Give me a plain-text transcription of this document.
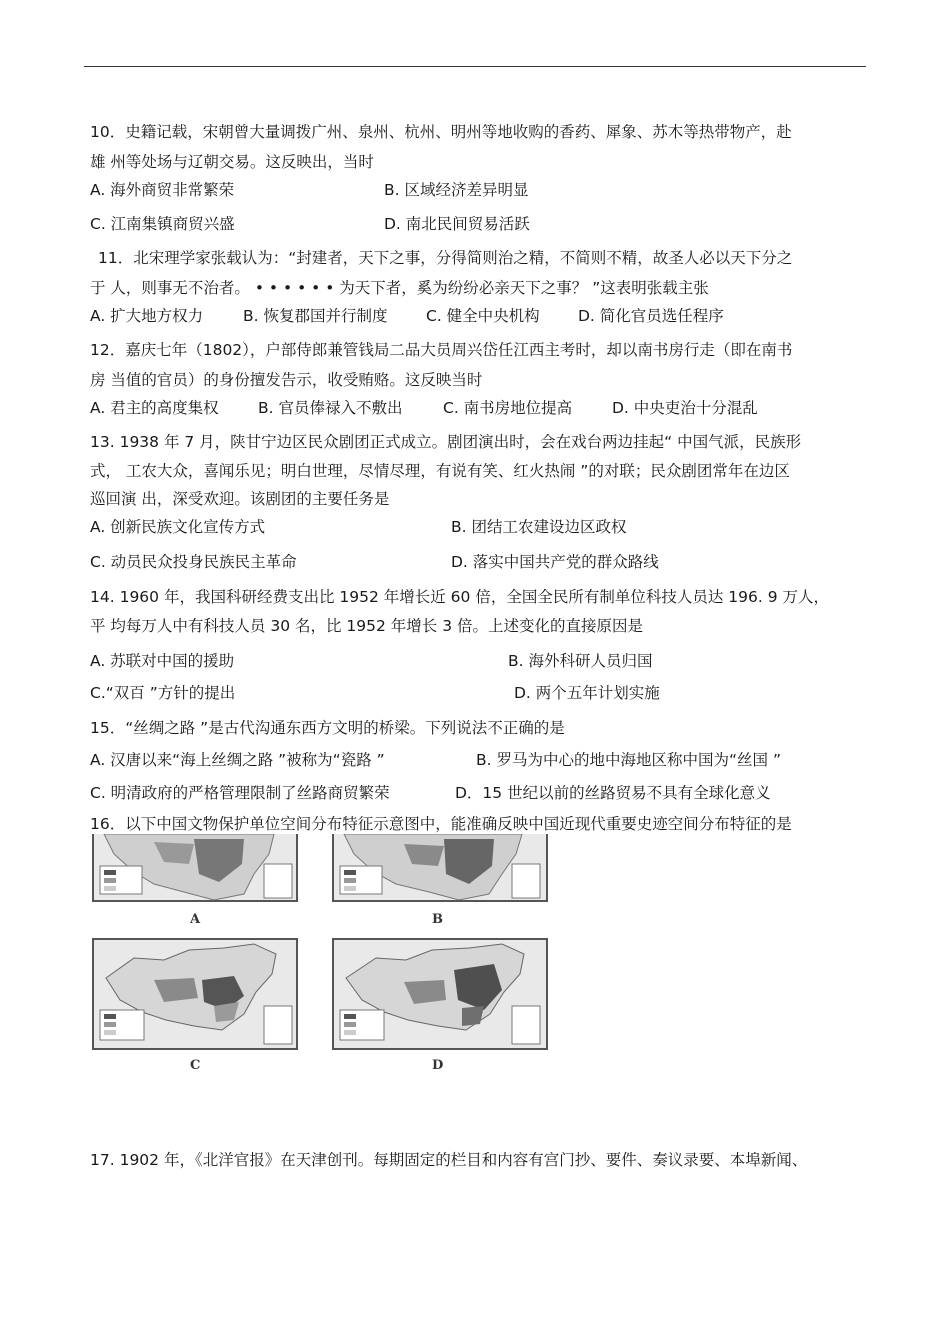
10．史籍记载，宋朝曾大量调拨广州、泉州、杭州、明州等地收购的香药、犀象、苏木等热带物产，赴
雄 州等处场与辽朝交易。这反映出，当时
A. 海外商贸非常繁荣	B. 区域经济差异明显
C. 江南集镇商贸兴盛	D. 南北民间贸易活跃
11．北宋理学家张载认为：“封建者，天下之事，分得简则治之精，不简则不精，故圣人必以天下分之
于 人，则事无不治者。 • • • • • • 为天下者，奚为纷纷必亲天下之事？ ”这表明张载主张
A. 扩大地方权力	B. 恢复郡国并行制度 C. 健全中央机构 D. 简化官员选任程序
12．嘉庆七年（1802），户部侍郎兼管钱局二品大员周兴岱任江西主考时，却以南书房行走（即在南书
房 当值的官员）的身份擅发告示，收受贿赂。这反映当时
A. 君主的高度集权	B. 官员俸禄入不敷出	C. 南书房地位提高	D. 中央吏治十分混乱
13. 1938 年 7 月，陕甘宁边区民众剧团正式成立。剧团演出时，会在戏台两边挂起“ 中国气派，民族形
式， 工农大众，喜闻乐见；明白世理，尽情尽理，有说有笑、红火热闹 ”的对联；民众剧团常年在边区
巡回演 出，深受欢迎。该剧团的主要任务是
A. 创新民族文化宣传方式	B. 团结工农建设边区政权
C. 动员民众投身民族民主革命	D. 落实中国共产党的群众路线
14. 1960 年，我国科研经费支出比 1952 年增长近 60 倍，全国全民所有制单位科技人员达 196. 9 万人，
平 均每万人中有科技人员 30 名，比 1952 年增长 3 倍。上述变化的直接原因是
A. 苏联对中国的援助	B. 海外科研人员归国
C.“双百 ”方针的提出	D. 两个五年计划实施
15．“丝绸之路 ”是古代沟通东西方文明的桥梁。下列说法不正确的是
A. 汉唐以来“海上丝绸之路 ”被称为“瓷路 ”	B. 罗马为中心的地中海地区称中国为“丝国 ”
C. 明清政府的严格管理限制了丝路商贸繁荣	D．15 世纪以前的丝路贸易不具有全球化意义
16．以下中国文物保护单位空间分布特征示意图中，能准确反映中国近现代重要史迹空间分布特征的是
A	B
C	D
17. 1902 年，《北洋官报》在天津创刊。每期固定的栏目和内容有宫门抄、要件、奏议录要、本埠新闻、
